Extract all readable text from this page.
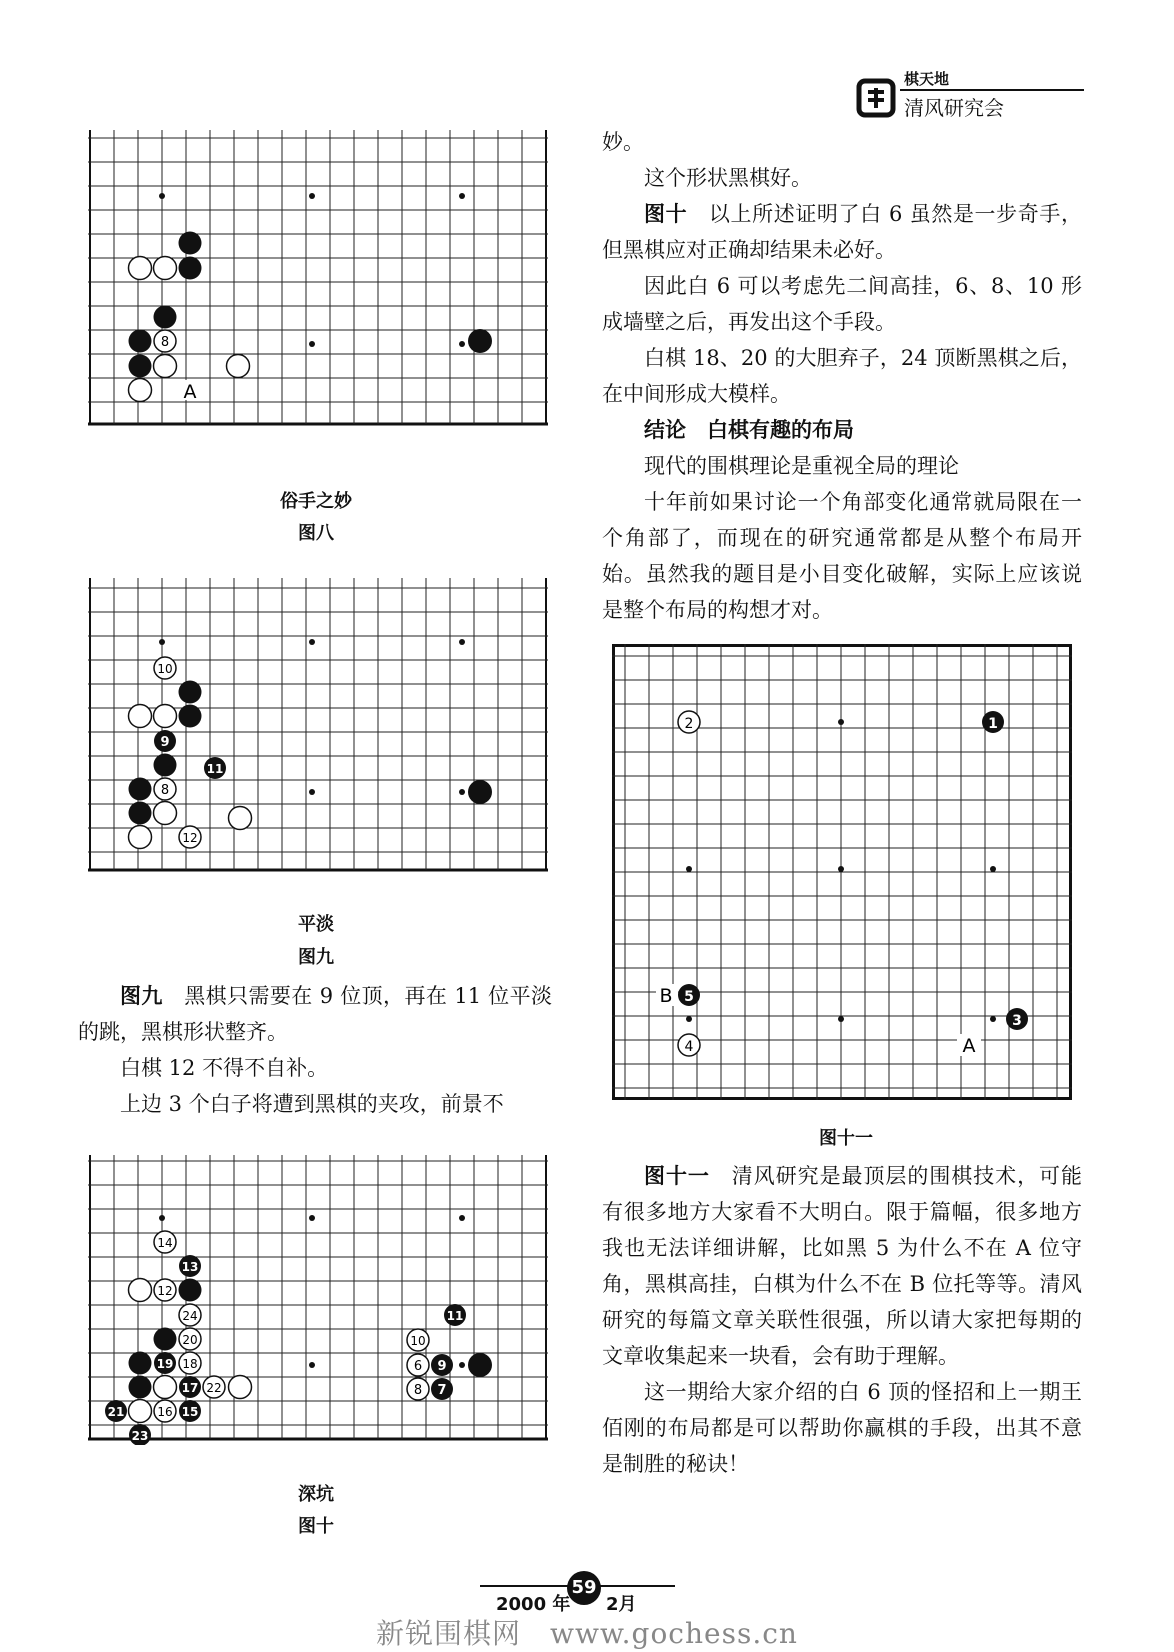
棋天地
清风研究会
8
A
俗手之妙
图八
10
9
11
8
12
平淡
图九

图九　 黑棋只需要在 9 位顶，再在 11 位平淡的跳，黑棋形状整齐。

白棋 12 不得不自补。

上边 3 个白子将遭到黑棋的夹攻，前景不

14
13
12
24
20
19 18
17 22
21	16 15
23
11
10
6 9
8 7
深坑
图十

妙。

这个形状黑棋好。

图十　 以上所述证明了白 6 虽然是一步奇手，但黑棋应对正确却结果未必好。

因此白 6 可以考虑先二间高挂，6、8、10 形成墙壁之后，再发出这个手段。

白棋 18、20 的大胆弃子，24 顶断黑棋之后，在中间形成大模样。

结论　白棋有趣的布局

现代的围棋理论是重视全局的理论

十年前如果讨论一个角部变化通常就局限在一个角部了，而现在的研究通常都是从整个布局开始。虽然我的题目是小目变化破解，实际上应该说是整个布局的构想才对。

2	1
5
3
4
B
A
图十一

图十一　 清风研究是最顶层的围棋技术，可能有很多地方大家看不大明白。限于篇幅，很多地方我也无法详细讲解，比如黑 5 为什么不在 A 位守角，黑棋高挂，白棋为什么不在 B 位托等等。清风研究的每篇文章关联性很强，所以请大家把每期的文章收集起来一块看，会有助于理解。

这一期给大家介绍的白 6 顶的怪招和上一期王佰刚的布局都是可以帮助你赢棋的手段，出其不意是制胜的秘诀！

2000 年
59
2月
新锐围棋网　www.gochess.cn
